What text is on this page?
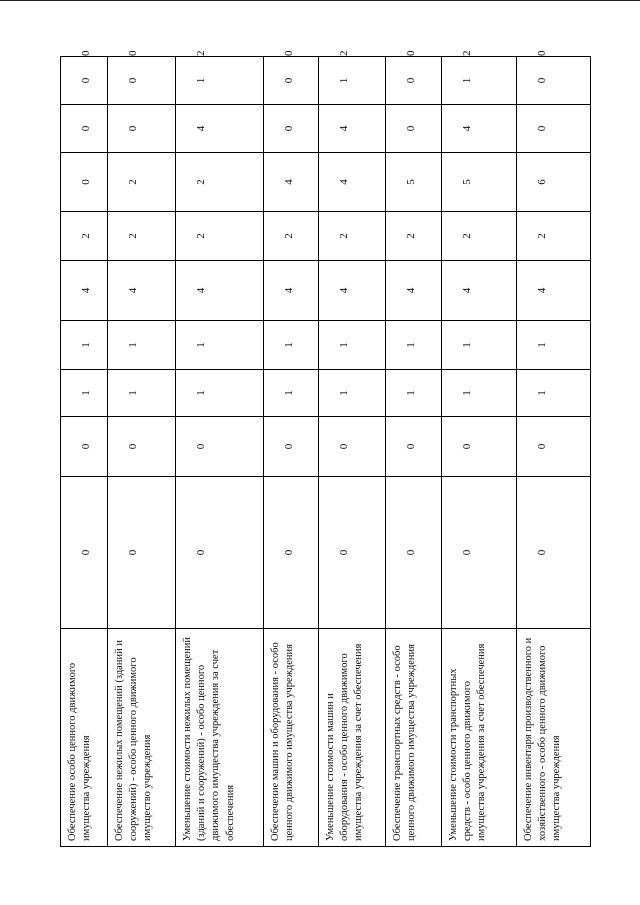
Обеспечение особо ценного движимого имущества учреждения	0	0	1	1	4	2	0	0	0	0
Обеспечение нежилых помещений (зданий и сооружений) - особо ценного движимого имущество учреждения	0	0	1	1	4	2	2	0	0	0
Уменьшение стоимости нежилых помещений (зданий и сооружений) - особо ценного движимого имущества учреждения за счет обеспечения	0	0	1	1	4	2	2	4	1	2
Обеспечение машин и оборудования - особо ценного движимого имущества учреждения	0	0	1	1	4	2	4	0	0	0
Уменьшение стоимости машин и оборудования - особо ценного движимого имущества учреждения за счет обеспечения	0	0	1	1	4	2	4	4	1	2
Обеспечение транспортных средств - особо ценного движимого имущества учреждения	0	0	1	1	4	2	5	0	0	0
Уменьшение стоимости транспортных средств - особо ценного движимого имущества учреждения за счет обеспечения	0	0	1	1	4	2	5	4	1	2
Обеспечение инвентаря производственного и хозяйственного - особо ценного движимого имущества учреждения	0	0	1	1	4	2	6	0	0	0
